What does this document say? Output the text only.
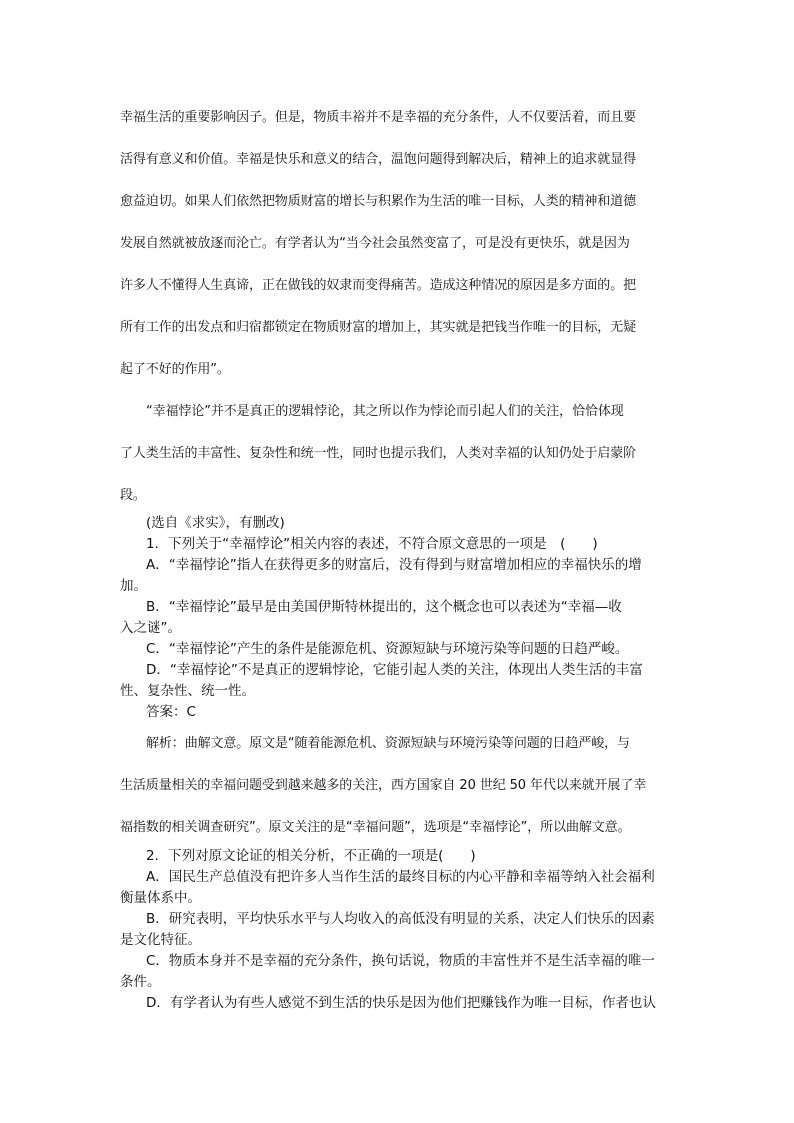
幸福生活的重要影响因子。但是，物质丰裕并不是幸福的充分条件，人不仅要活着，而且要
活得有意义和价值。幸福是快乐和意义的结合，温饱问题得到解决后，精神上的追求就显得
愈益迫切。如果人们依然把物质财富的增长与积累作为生活的唯一目标，人类的精神和道德
发展自然就被放逐而沦亡。有学者认为“当今社会虽然变富了，可是没有更快乐，就是因为
许多人不懂得人生真谛，正在做钱的奴隶而变得痛苦。造成这种情况的原因是多方面的。把
所有工作的出发点和归宿都锁定在物质财富的增加上，其实就是把钱当作唯一的目标，无疑
起了不好的作用”。
“幸福悖论”并不是真正的逻辑悖论，其之所以作为悖论而引起人们的关注，恰恰体现
了人类生活的丰富性、复杂性和统一性，同时也提示我们，人类对幸福的认知仍处于启蒙阶
段。
(选自《求实》，有删改)
1．下列关于“幸福悖论”相关内容的表述，不符合原文意思的一项是　(　　)
A．“幸福悖论”指人在获得更多的财富后，没有得到与财富增加相应的幸福快乐的增
加。
B．“幸福悖论”最早是由美国伊斯特林提出的，这个概念也可以表述为“幸福—收
入之谜”。
C．“幸福悖论”产生的条件是能源危机、资源短缺与环境污染等问题的日趋严峻。
D．“幸福悖论”不是真正的逻辑悖论，它能引起人类的关注，体现出人类生活的丰富
性、复杂性、统一性。
答案：C
解析：曲解文意。原文是“随着能源危机、资源短缺与环境污染等问题的日趋严峻，与
生活质量相关的幸福问题受到越来越多的关注，西方国家自 20 世纪 50 年代以来就开展了幸
福指数的相关调查研究”。原文关注的是“幸福问题”，选项是“幸福悖论”，所以曲解文意。
2．下列对原文论证的相关分析，不正确的一项是(　　)
A．国民生产总值没有把许多人当作生活的最终目标的内心平静和幸福等纳入社会福利
衡量体系中。
B．研究表明，平均快乐水平与人均收入的高低没有明显的关系，决定人们快乐的因素
是文化特征。
C．物质本身并不是幸福的充分条件，换句话说，物质的丰富性并不是生活幸福的唯一
条件。
D．有学者认为有些人感觉不到生活的快乐是因为他们把赚钱作为唯一目标，作者也认
